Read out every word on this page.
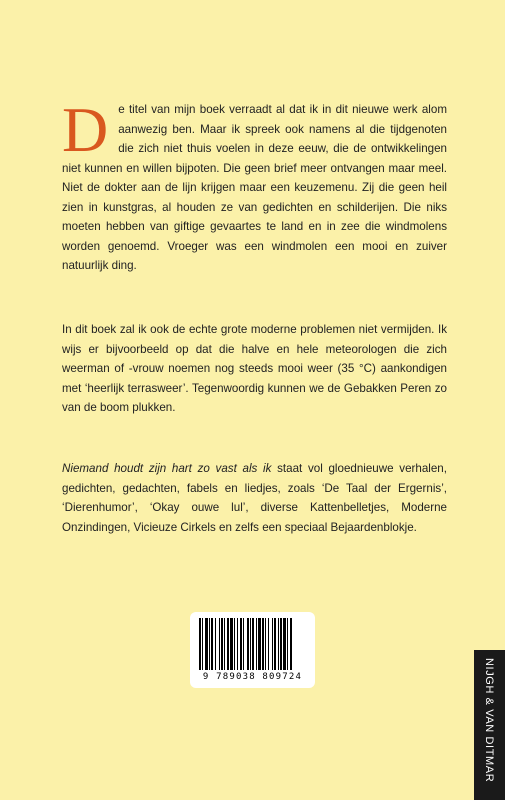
D e titel van mijn boek verraadt al dat ik in dit nieuwe werk alom aanwezig ben. Maar ik spreek ook namens al die tijdgenoten die zich niet thuis voelen in deze eeuw, die de ontwikkelingen niet kunnen en willen bijpoten. Die geen brief meer ontvangen maar meel. Niet de dokter aan de lijn krijgen maar een keuzemenu. Zij die geen heil zien in kunstgras, al houden ze van gedichten en schilderijen. Die niks moeten hebben van giftige gevaartes te land en in zee die windmolens worden genoemd. Vroeger was een windmolen een mooi en zuiver natuurlijk ding.

In dit boek zal ik ook de echte grote moderne problemen niet vermijden. Ik wijs er bijvoorbeeld op dat die halve en hele meteorologen die zich weerman of -vrouw noemen nog steeds mooi weer (35 °C) aankondigen met ‘heerlijk terrasweer’. Tegenwoordig kunnen we de Gebakken Peren zo van de boom plukken.

Niemand houdt zijn hart zo vast als ik staat vol gloednieuwe verhalen, gedichten, gedachten, fabels en liedjes, zoals ‘De Taal der Ergernis’, ‘Dierenhumor’, ‘Okay ouwe lul’, diverse Kattenbelletjes, Moderne Onzindingen, Vicieuze Cirkels en zelfs een speciaal Bejaardenblokje.

9 789038 809724	NIJGH & VAN DITMAR
